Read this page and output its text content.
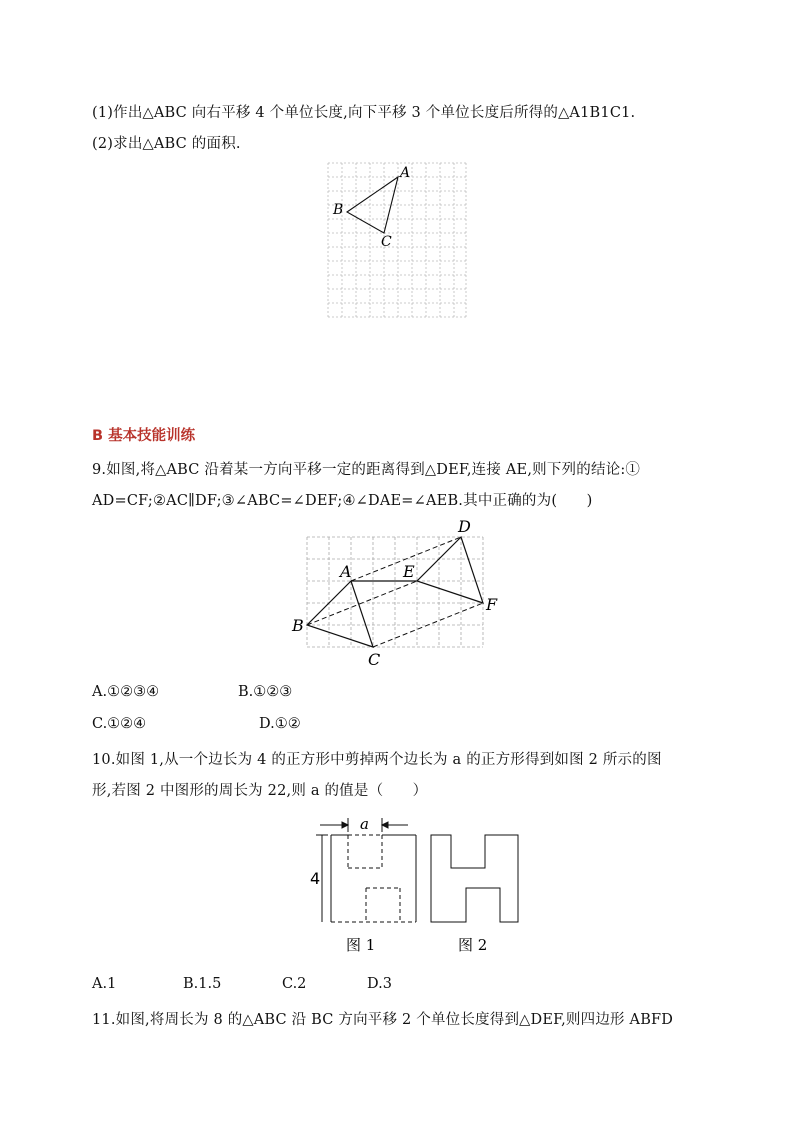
(1)作出△ABC 向右平移 4 个单位长度,向下平移 3 个单位长度后所得的△A1B1C1.
(2)求出△ABC 的面积.
A
B
C
B 基本技能训练
9.如图,将△ABC 沿着某一方向平移一定的距离得到△DEF,连接 AE,则下列的结论:①
AD=CF;②AC∥DF;③∠ABC=∠DEF;④∠DAE=∠AEB.其中正确的为(　　)
A
B
C
D
E
F
A.①②③④	B.①②③
C.①②④	D.①②
10.如图 1,从一个边长为 4 的正方形中剪掉两个边长为 a 的正方形得到如图 2 所示的图
形,若图 2 中图形的周长为 22,则 a 的值是（　　）
a
4
图 1	图 2
A.1	B.1.5	C.2	D.3
11.如图,将周长为 8 的△ABC 沿 BC 方向平移 2 个单位长度得到△DEF,则四边形 ABFD
